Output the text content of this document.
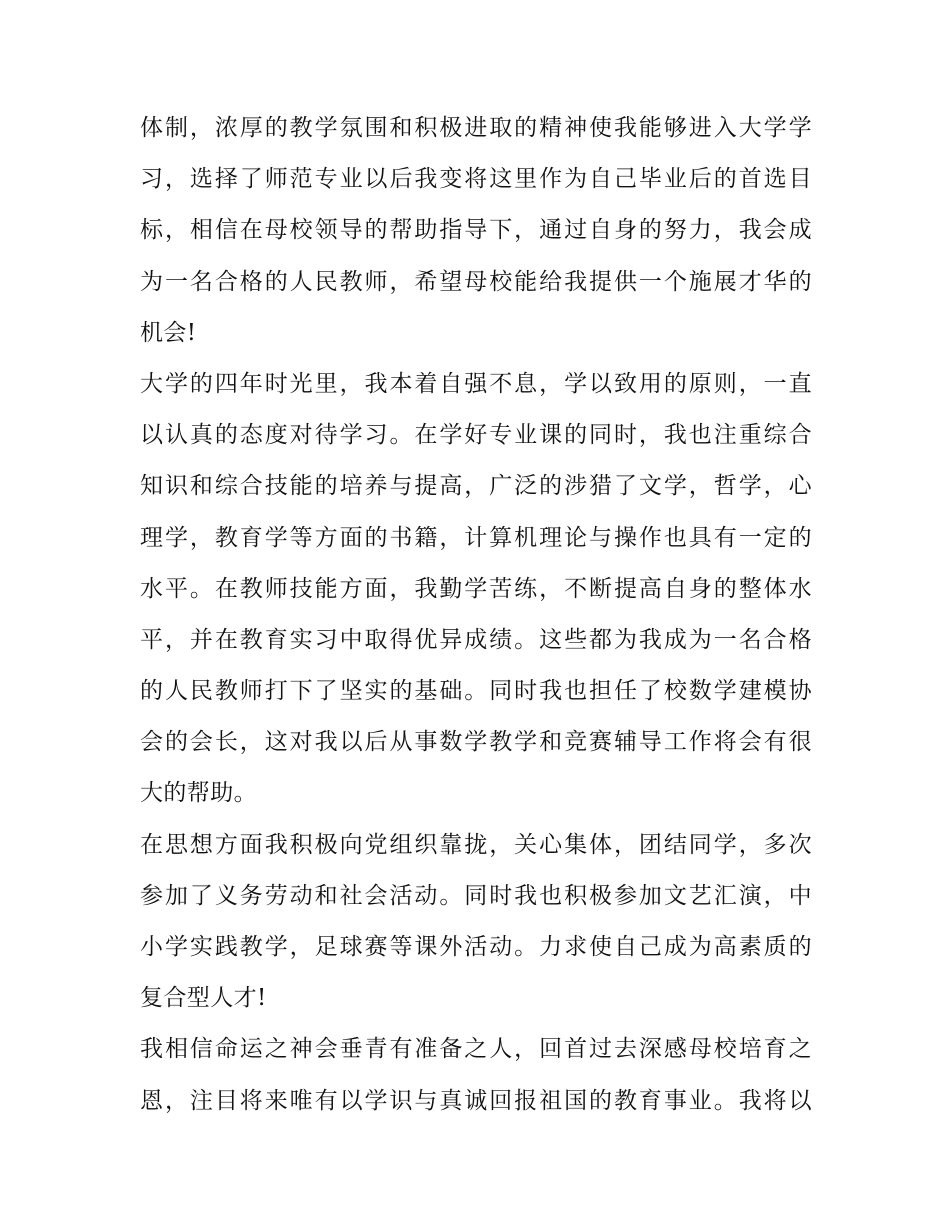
体制，浓厚的教学氛围和积极进取的精神使我能够进入大学学
习，选择了师范专业以后我变将这里作为自己毕业后的首选目
标，相信在母校领导的帮助指导下，通过自身的努力，我会成
为一名合格的人民教师，希望母校能给我提供一个施展才华的
机会!
大学的四年时光里，我本着自强不息，学以致用的原则，一直
以认真的态度对待学习。在学好专业课的同时，我也注重综合
知识和综合技能的培养与提高，广泛的涉猎了文学，哲学，心
理学，教育学等方面的书籍，计算机理论与操作也具有一定的
水平。在教师技能方面，我勤学苦练，不断提高自身的整体水
平，并在教育实习中取得优异成绩。这些都为我成为一名合格
的人民教师打下了坚实的基础。同时我也担任了校数学建模协
会的会长，这对我以后从事数学教学和竞赛辅导工作将会有很
大的帮助。
在思想方面我积极向党组织靠拢，关心集体，团结同学，多次
参加了义务劳动和社会活动。同时我也积极参加文艺汇演，中
小学实践教学，足球赛等课外活动。力求使自己成为高素质的
复合型人才!
我相信命运之神会垂青有准备之人，回首过去深感母校培育之
恩，注目将来唯有以学识与真诚回报祖国的教育事业。我将以
